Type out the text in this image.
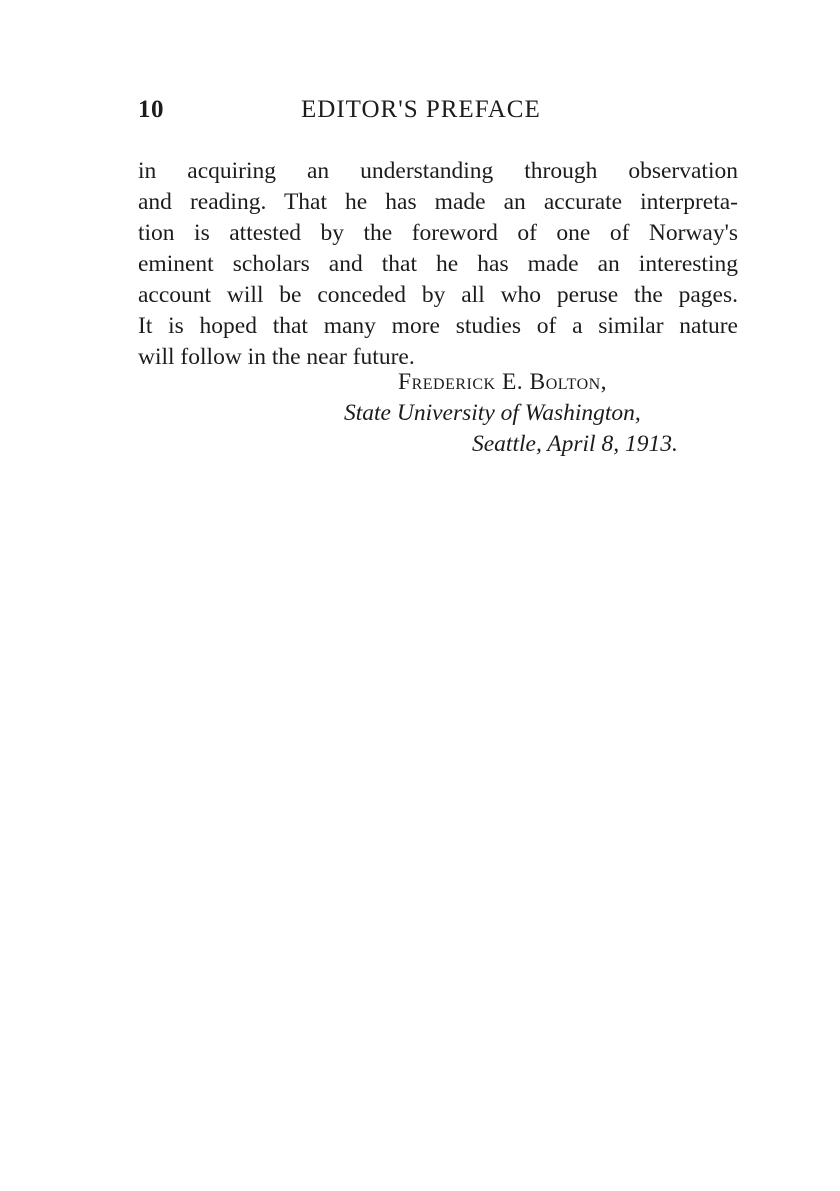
10	EDITOR'S PREFACE
in acquiring an understanding through observation
and reading. That he has made an accurate interpreta-
tion is attested by the foreword of one of Norway's
eminent scholars and that he has made an interesting
account will be conceded by all who peruse the pages.
It is hoped that many more studies of a similar nature
will follow in the near future.
Frederick E. Bolton,
State University of Washington,
Seattle, April 8, 1913.
